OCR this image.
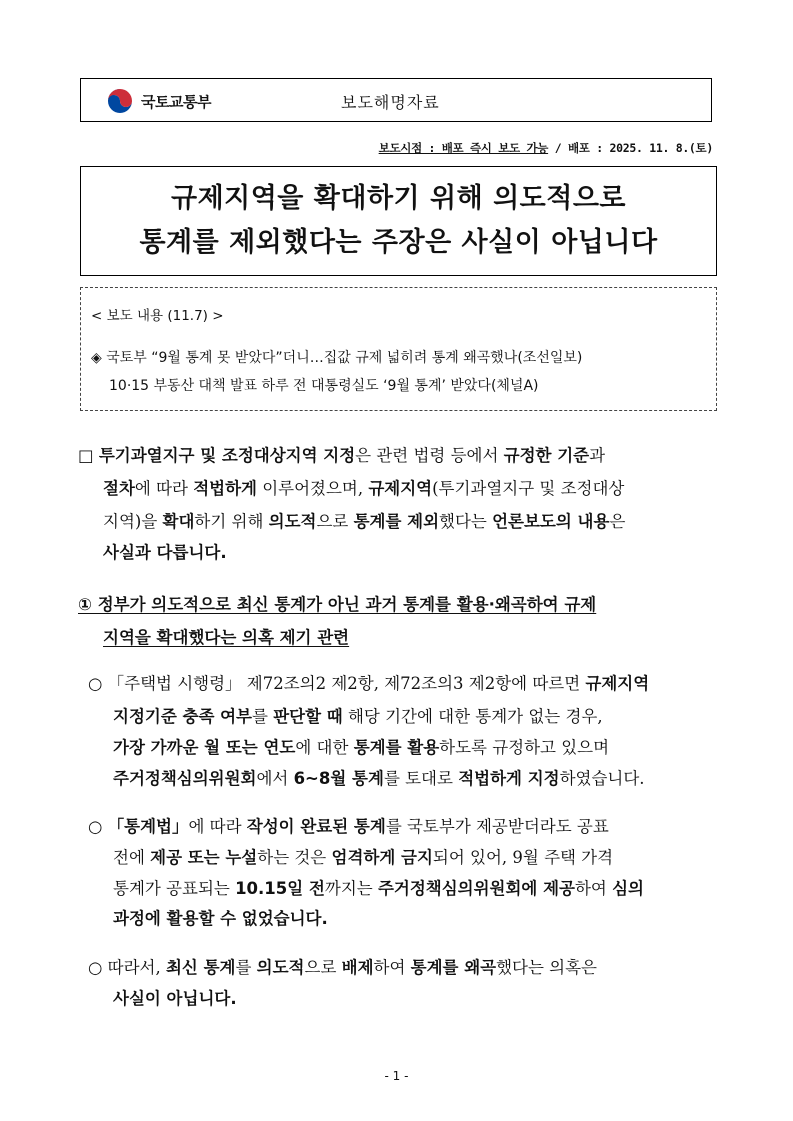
국토교통부	보도해명자료
보도시점 : 배포 즉시 보도 가능 / 배포 : 2025. 11. 8.(토)
규제지역을 확대하기 위해 의도적으로
통계를 제외했다는 주장은 사실이 아닙니다
< 보도 내용 (11.7) >
◈ 국토부 “9월 통계 못 받았다”더니…집값 규제 넓히려 통계 왜곡했나(조선일보)
10·15 부동산 대책 발표 하루 전 대통령실도 ‘9월 통계’ 받았다(체널A)
□ 투기과열지구 및 조정대상지역 지정은 관련 법령 등에서 규정한 기준과
절차에 따라 적법하게 이루어졌으며, 규제지역(투기과열지구 및 조정대상
지역)을 확대하기 위해 의도적으로 통계를 제외했다는 언론보도의 내용은
사실과 다릅니다.
① 정부가 의도적으로 최신 통계가 아닌 과거 통계를 활용·왜곡하여 규제
지역을 확대했다는 의혹 제기 관련
○ 「주택법 시행령」 제72조의2 제2항, 제72조의3 제2항에 따르면 규제지역
지정기준 충족 여부를 판단할 때 해당 기간에 대한 통계가 없는 경우,
가장 가까운 월 또는 연도에 대한 통계를 활용하도록 규정하고 있으며
주거정책심의위원회에서 6~8월 통계를 토대로 적법하게 지정하였습니다.
○ 「통계법」에 따라 작성이 완료된 통계를 국토부가 제공받더라도 공표
전에 제공 또는 누설하는 것은 엄격하게 금지되어 있어, 9월 주택 가격
통계가 공표되는 10.15일 전까지는 주거정책심의위원회에 제공하여 심의
과정에 활용할 수 없었습니다.
○ 따라서, 최신 통계를 의도적으로 배제하여 통계를 왜곡했다는 의혹은
사실이 아닙니다.
- 1 -
